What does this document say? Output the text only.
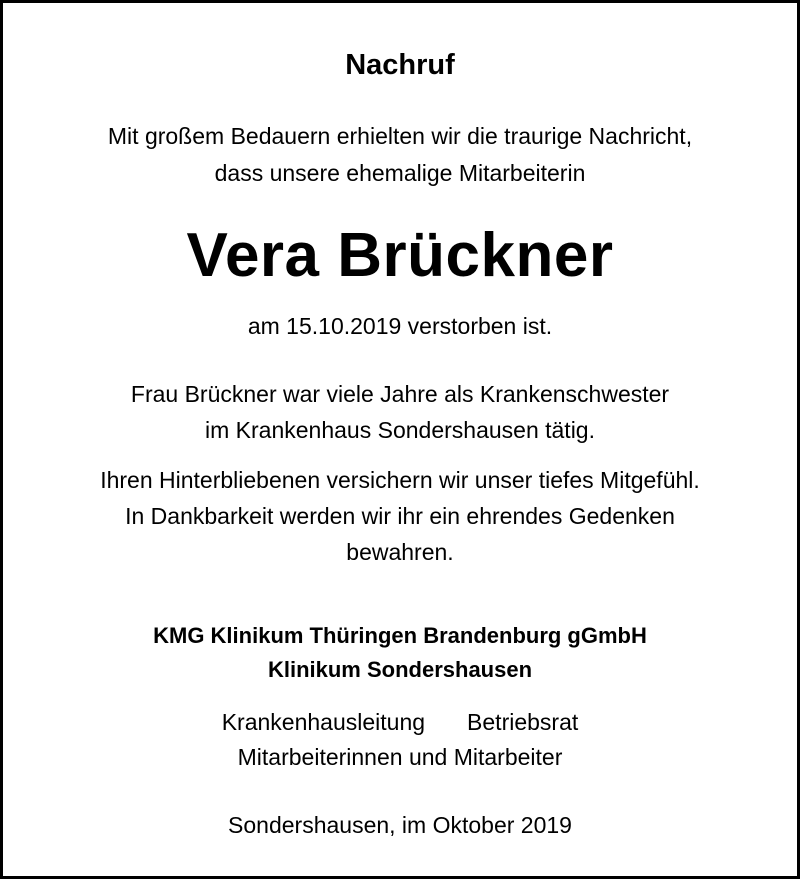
Nachruf
Mit großem Bedauern erhielten wir die traurige Nachricht,
dass unsere ehemalige Mitarbeiterin
Vera Brückner
am 15.10.2019 verstorben ist.
Frau Brückner war viele Jahre als Krankenschwester
im Krankenhaus Sondershausen tätig.
Ihren Hinterbliebenen versichern wir unser tiefes Mitgefühl.
In Dankbarkeit werden wir ihr ein ehrendes Gedenken
bewahren.
KMG Klinikum Thüringen Brandenburg gGmbH
Klinikum Sondershausen
Krankenhausleitung Betriebsrat
Mitarbeiterinnen und Mitarbeiter
Sondershausen, im Oktober 2019
